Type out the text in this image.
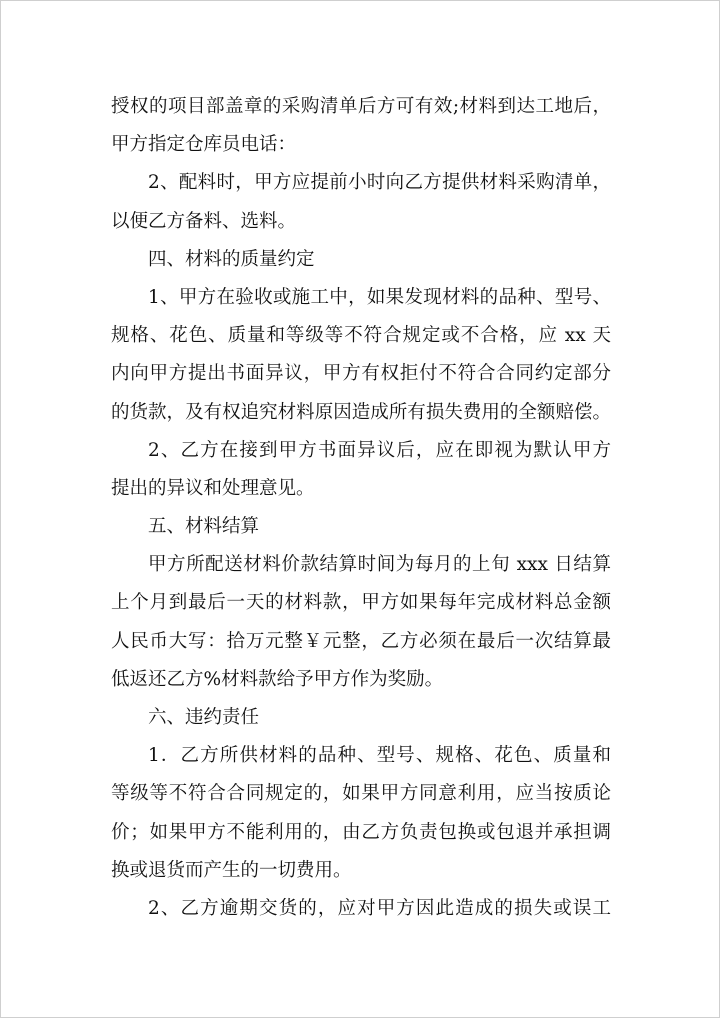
授权的项目部盖章的采购清单后方可有效;材料到达工地后，
甲方指定仓库员电话：
2、配料时，甲方应提前小时向乙方提供材料采购清单，
以便乙方备料、选料。
四、材料的质量约定
1、甲方在验收或施工中，如果发现材料的品种、型号、
规格、花色、质量和等级等不符合规定或不合格，应 xx 天
内向甲方提出书面异议，甲方有权拒付不符合合同约定部分
的货款，及有权追究材料原因造成所有损失费用的全额赔偿。
2、乙方在接到甲方书面异议后，应在即视为默认甲方
提出的异议和处理意见。
五、材料结算
甲方所配送材料价款结算时间为每月的上旬 xxx 日结算
上个月到最后一天的材料款，甲方如果每年完成材料总金额
人民币大写：拾万元整￥元整，乙方必须在最后一次结算最
低返还乙方%材料款给予甲方作为奖励。
六、违约责任
1．乙方所供材料的品种、型号、规格、花色、质量和
等级等不符合合同规定的，如果甲方同意利用，应当按质论
价；如果甲方不能利用的，由乙方负责包换或包退并承担调
换或退货而产生的一切费用。
2、乙方逾期交货的，应对甲方因此造成的损失或误工
